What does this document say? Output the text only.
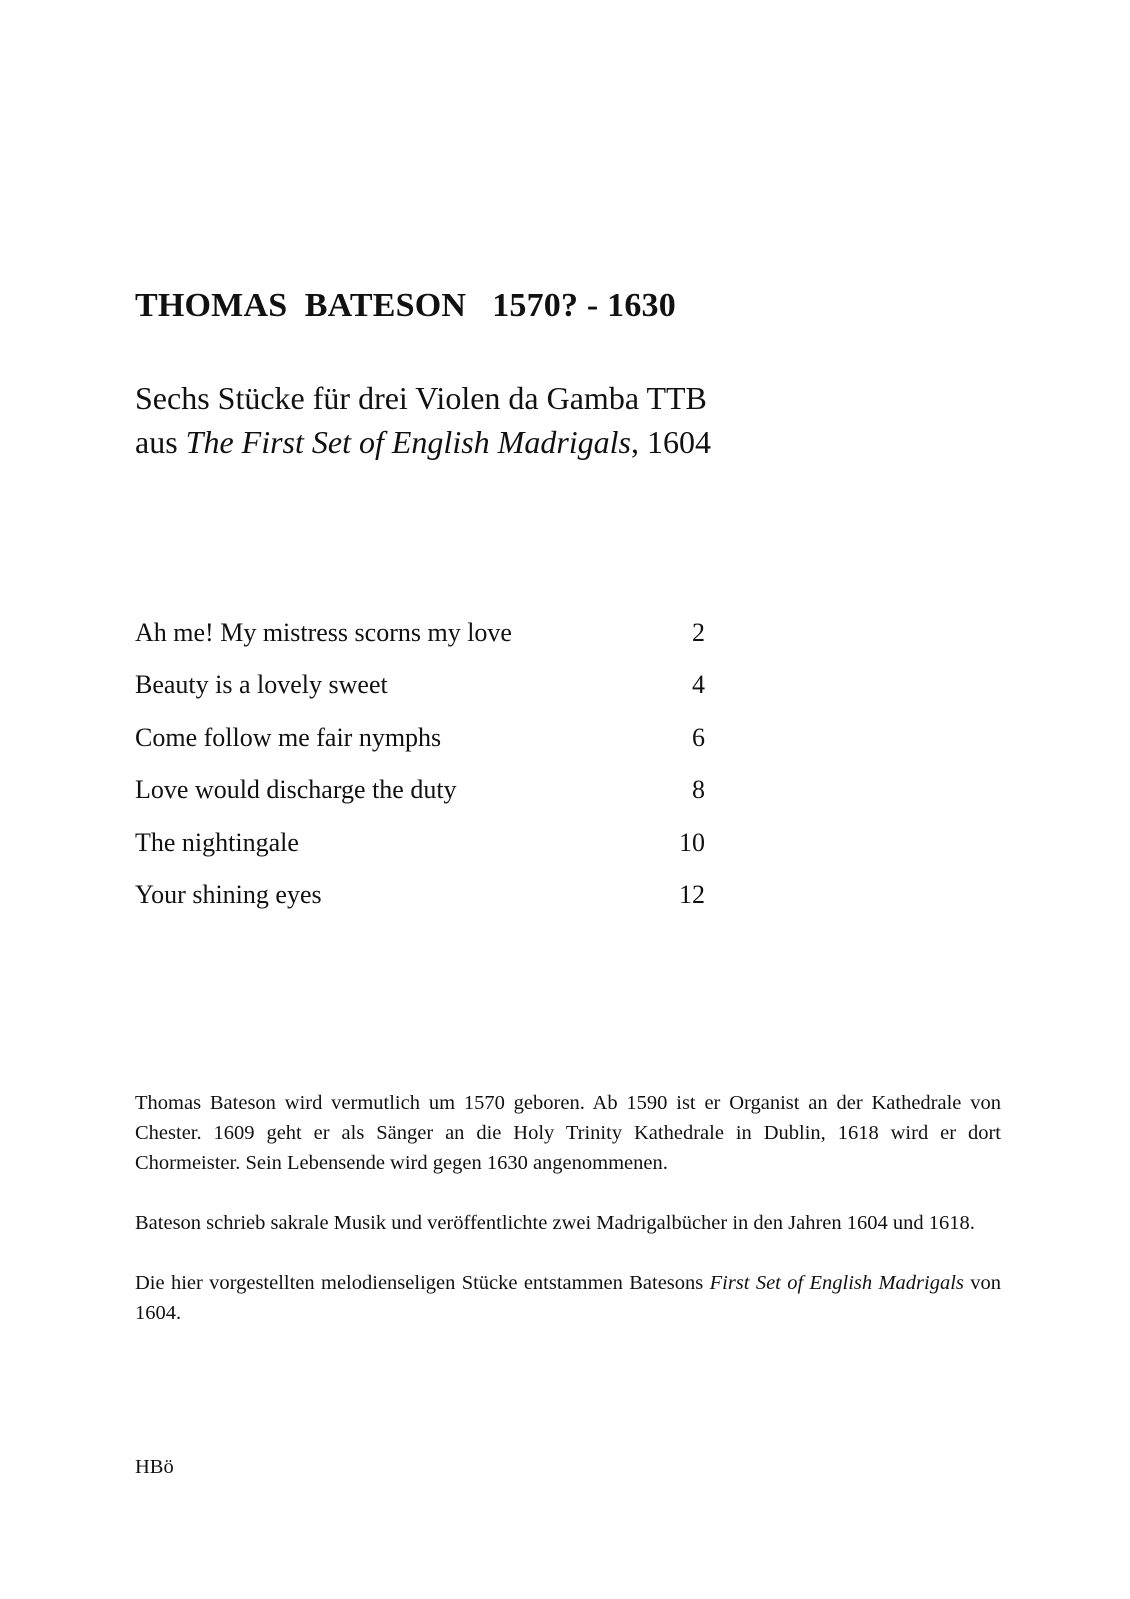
THOMAS  BATESON   1570? - 1630
Sechs Stücke für drei Violen da Gamba TTB
aus The First Set of English Madrigals, 1604
Ah me! My mistress scorns my love	2
Beauty is a lovely sweet	4
Come follow me fair nymphs	6
Love would discharge the duty	8
The nightingale	10
Your shining eyes	12

Thomas Bateson wird vermutlich um 1570 geboren. Ab 1590 ist er Organist an der Kathedrale von Chester. 1609 geht er als Sänger an die Holy Trinity Kathedrale in Dublin, 1618 wird er dort Chormeister. Sein Lebensende wird gegen 1630 angenommenen.

Bateson schrieb sakrale Musik und veröffentlichte zwei Madrigalbücher in den Jahren 1604 und 1618.

Die hier vorgestellten melodienseligen Stücke entstammen Batesons First Set of English Madrigals von 1604.

HBö
